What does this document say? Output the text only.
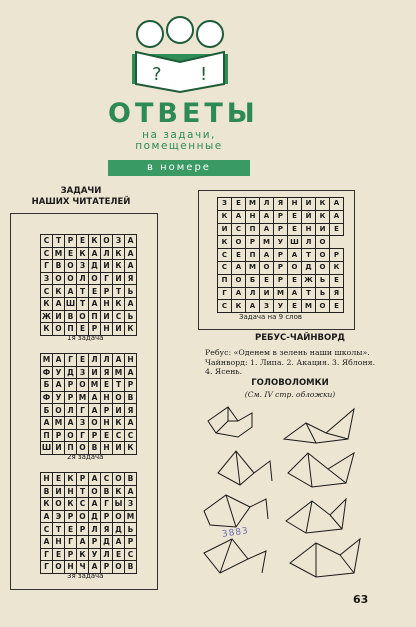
? !
ОТВЕТЫ
на задачи,
помещенные
в номере
ЗАДАЧИ
НАШИХ ЧИТАТЕЛЕЙ
С	Т	Р	Е	К	О	З	А
С	М	Е	К	А	Л	К	А
Г	В	О	З	Д	И	К	А
З	О	О	Л	О	Г	И	Я
С	К	А	Т	Е	Р	Т	Ь
К	А	Ш	Т	А	Н	К	А
Ж	И	В	О	П	И	С	Ь
К	О	П	Е	Р	Н	И	К
1я задача
М	А	Г	Е	Л	Л	А	Н
Ф	У	Д	З	И	Я	М	А
Б	А	Р	О	М	Е	Т	Р
Ф	У	Р	М	А	Н	О	В
Б	О	Л	Г	А	Р	И	Я
А	М	А	З	О	Н	К	А
П	Р	О	Г	Р	Е	С	С
Ш	И	П	О	В	Н	И	К
2я задача
Н	Е	К	Р	А	С	О	В
В	И	Н	Т	О	В	К	А
К	О	К	С	А	Г	Ы	З
А	Э	Р	О	Д	Р	О	М
С	Т	Е	Р	Л	Я	Д	Ь
А	Н	Г	А	Р	Д	А	Р
Г	Е	Р	К	У	Л	Е	С
Г	О	Н	Ч	А	Р	О	В
3я задача
З	Е	М	Л	Я	Н	И	К	А
К	А	Н	А	Р	Е	Й	К	А
И	С	П	А	Р	Е	Н	И	Е
К	О	Р	М	У	Ш	Л	О	
С	Е	П	А	Р	А	Т	О	Р
С	А	М	О	Р	О	Д	О	К
П	О	Б	Е	Р	Е	Ж	Ь	Е
Г	А	Л	И	М	А	Т	Ь	Я
С	К	А	З	У	Е	М	О	Е
Задача на 9 слов
РЕБУС-ЧАЙНВОРД
Ребус: «Оденем в зелень наши школы».
Чайнворд: 1. Липа. 2. Акация. 3. Яблоня. 4. Ясень.
ГОЛОВОЛОМКИ
(См. IV стр. обложки)
3883
63
